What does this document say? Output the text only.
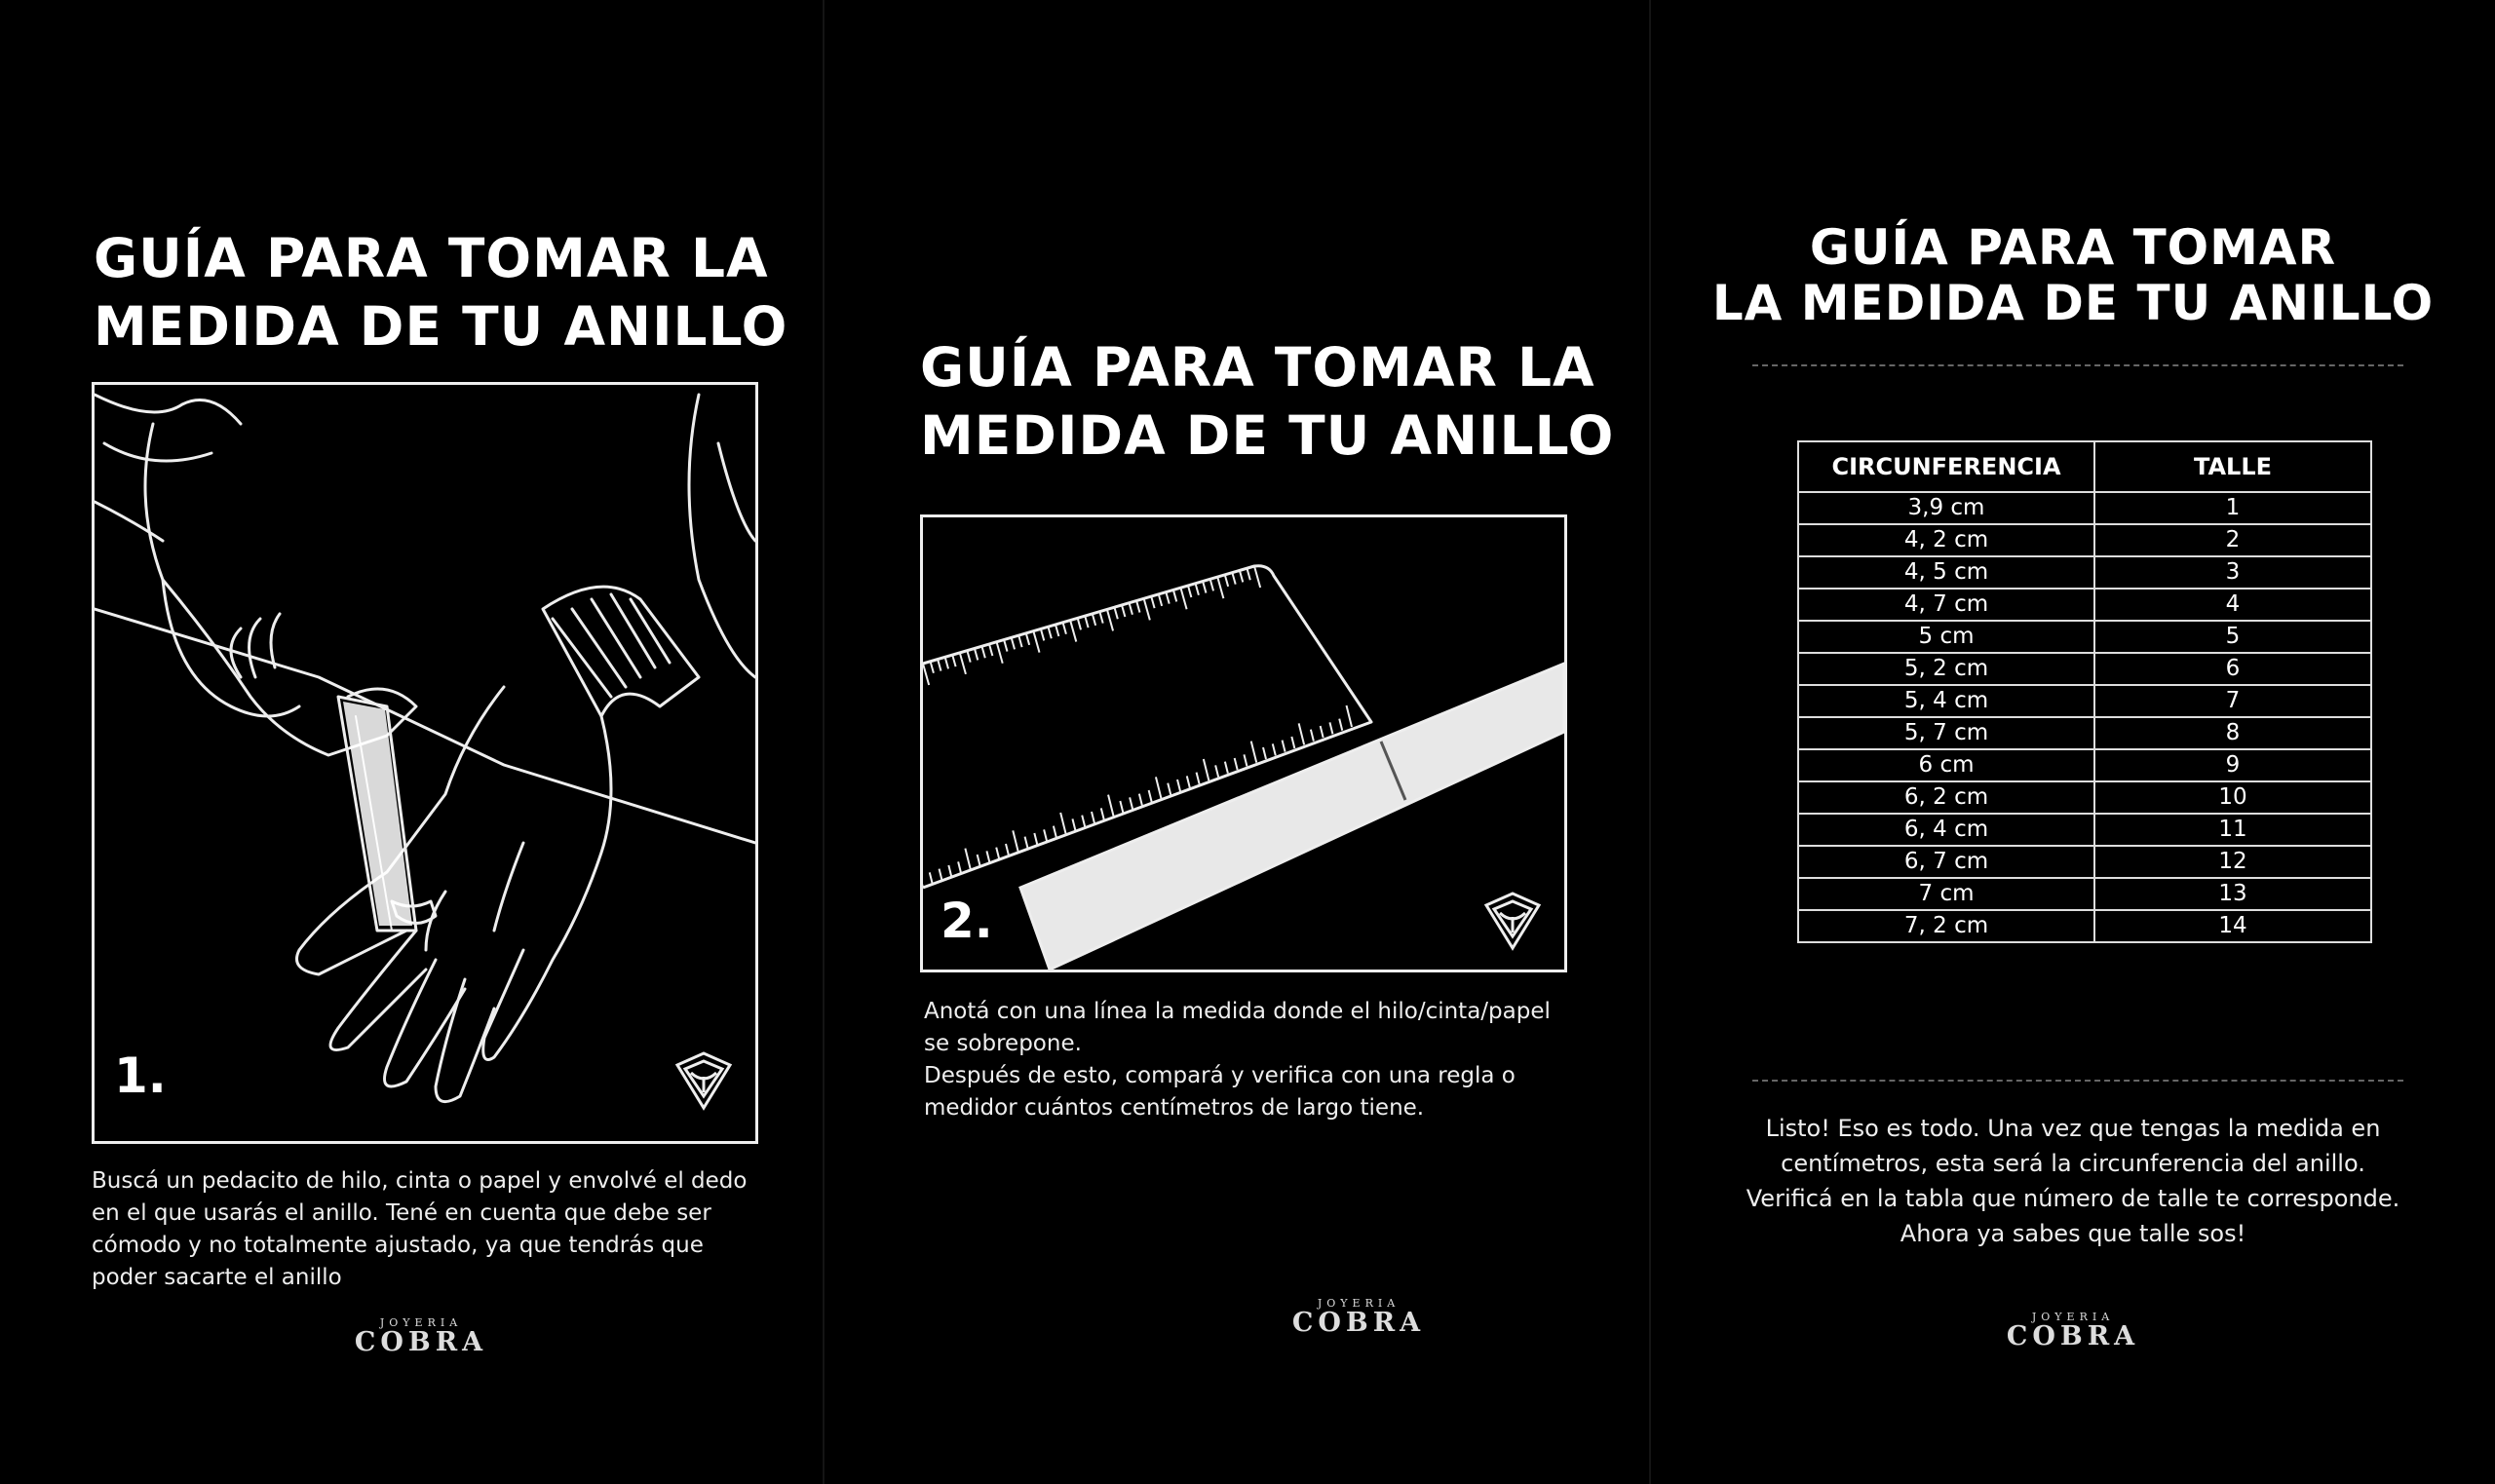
GUÍA PARA TOMAR LA
MEDIDA DE TU ANILLO
1.

Buscá un pedacito de hilo, cinta o papel y envolvé el dedo
en el que usarás el anillo. Tené en cuenta que debe ser
cómodo y no totalmente ajustado, ya que tendrás que
poder sacarte el anillo

JOYERIA
COBRA
GUÍA PARA TOMAR LA
MEDIDA DE TU ANILLO
2.

Anotá con una línea la medida donde el hilo/cinta/papel
se sobrepone.
Después de esto, compará y verifica con una regla o
medidor cuántos centímetros de largo tiene.

JOYERIA
COBRA
GUÍA PARA TOMAR
LA MEDIDA DE TU ANILLO
CIRCUNFERENCIA	TALLE
3,9 cm	1
4, 2 cm	2
4, 5 cm	3
4, 7 cm	4
5 cm	5
5, 2 cm	6
5, 4 cm	7
5, 7 cm	8
6 cm	9
6, 2 cm	10
6, 4 cm	11
6, 7 cm	12
7 cm	13
7, 2 cm	14

Listo! Eso es todo. Una vez que tengas la medida en
centímetros, esta será la circunferencia del anillo.
Verificá en la tabla que número de talle te corresponde.
Ahora ya sabes que talle sos!

JOYERIA
COBRA
